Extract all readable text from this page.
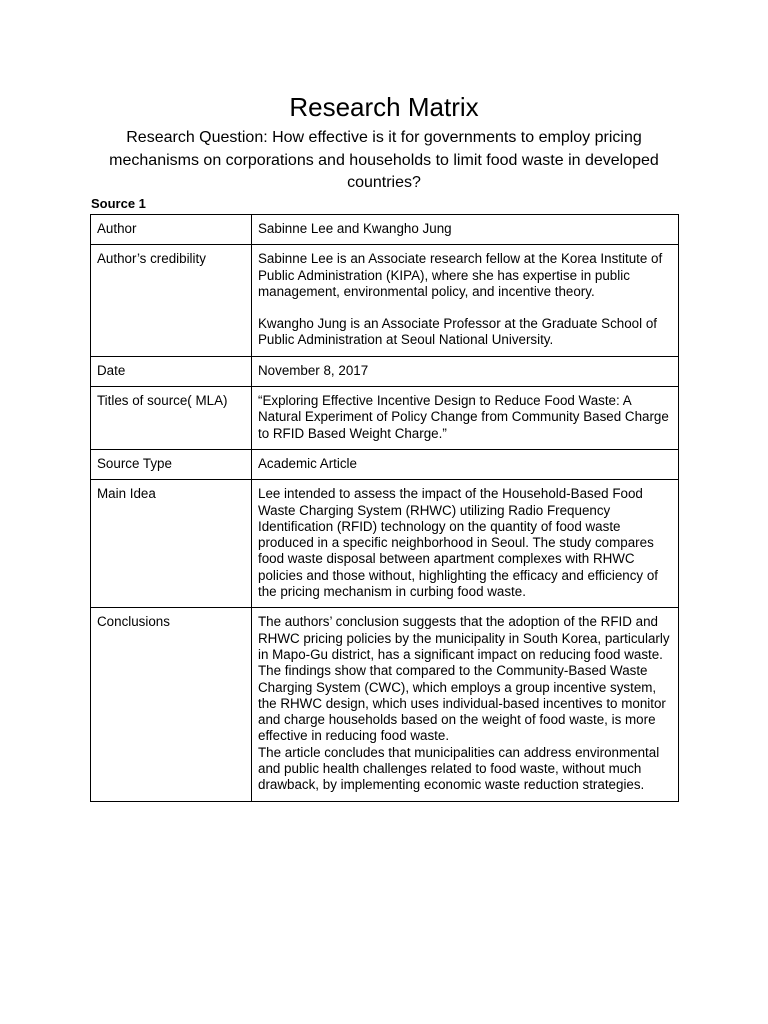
Research Matrix

Research Question: How effective is it for governments to employ pricing mechanisms on corporations and households to limit food waste in developed countries?

Source 1
Author	Sabinne Lee and Kwangho Jung

Author’s credibility	Sabinne Lee is an Associate research fellow at the Korea Institute of Public Administration (KIPA), where she has expertise in public management, environmental policy, and incentive theory.

Kwangho Jung is an Associate Professor at the Graduate School of Public Administration at Seoul National University.

Date	November 8, 2017

Titles of source( MLA)	“Exploring Effective Incentive Design to Reduce Food Waste: A Natural Experiment of Policy Change from Community Based Charge to RFID Based Weight Charge.”

Source Type	Academic Article

Main Idea	Lee intended to assess the impact of the Household-Based Food Waste Charging System (RHWC) utilizing Radio Frequency Identification (RFID) technology on the quantity of food waste produced in a specific neighborhood in Seoul. The study compares food waste disposal between apartment complexes with RHWC policies and those without, highlighting the efficacy and efficiency of the pricing mechanism in curbing food waste.

Conclusions	The authors’ conclusion suggests that the adoption of the RFID and RHWC pricing policies by the municipality in South Korea, particularly in Mapo-Gu district, has a significant impact on reducing food waste. The findings show that compared to the Community-Based Waste Charging System (CWC), which employs a group incentive system, the RHWC design, which uses individual-based incentives to monitor and charge households based on the weight of food waste, is more effective in reducing food waste.

The article concludes that municipalities can address environmental and public health challenges related to food waste, without much drawback, by implementing economic waste reduction strategies.
